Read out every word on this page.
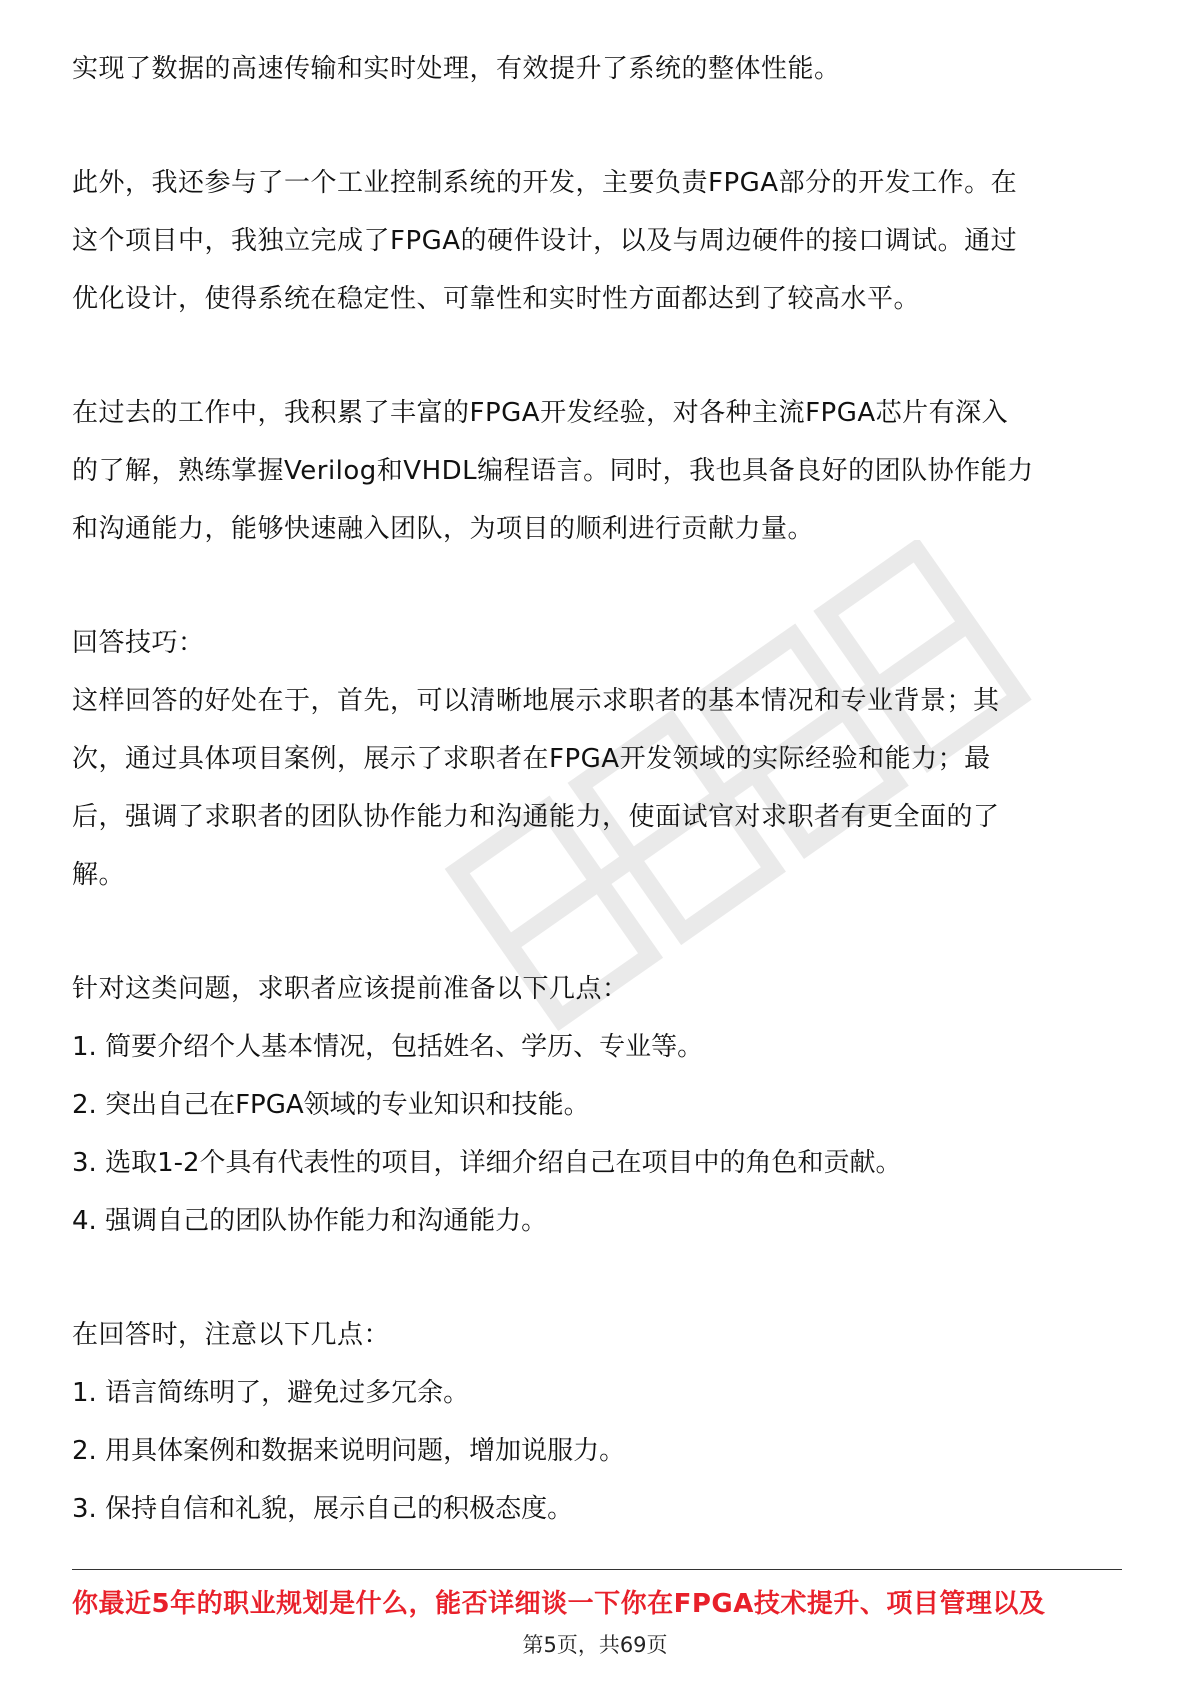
实现了数据的高速传输和实时处理，有效提升了系统的整体性能。

此外，我还参与了一个工业控制系统的开发，主要负责FPGA部分的开发工作。在

这个项目中，我独立完成了FPGA的硬件设计，以及与周边硬件的接口调试。通过

优化设计，使得系统在稳定性、可靠性和实时性方面都达到了较高水平。

在过去的工作中，我积累了丰富的FPGA开发经验，对各种主流FPGA芯片有深入

的了解，熟练掌握Verilog和VHDL编程语言。同时，我也具备良好的团队协作能力

和沟通能力，能够快速融入团队，为项目的顺利进行贡献力量。

回答技巧：

这样回答的好处在于，首先，可以清晰地展示求职者的基本情况和专业背景；其

次，通过具体项目案例，展示了求职者在FPGA开发领域的实际经验和能力；最

后，强调了求职者的团队协作能力和沟通能力，使面试官对求职者有更全面的了

解。

针对这类问题，求职者应该提前准备以下几点：

1. 简要介绍个人基本情况，包括姓名、学历、专业等。

2. 突出自己在FPGA领域的专业知识和技能。

3. 选取1-2个具有代表性的项目，详细介绍自己在项目中的角色和贡献。

4. 强调自己的团队协作能力和沟通能力。

在回答时，注意以下几点：

1. 语言简练明了，避免过多冗余。

2. 用具体案例和数据来说明问题，增加说服力。

3. 保持自信和礼貌，展示自己的积极态度。

你最近5年的职业规划是什么，能否详细谈一下你在FPGA技术提升、项目管理以及
第5页，共69页
